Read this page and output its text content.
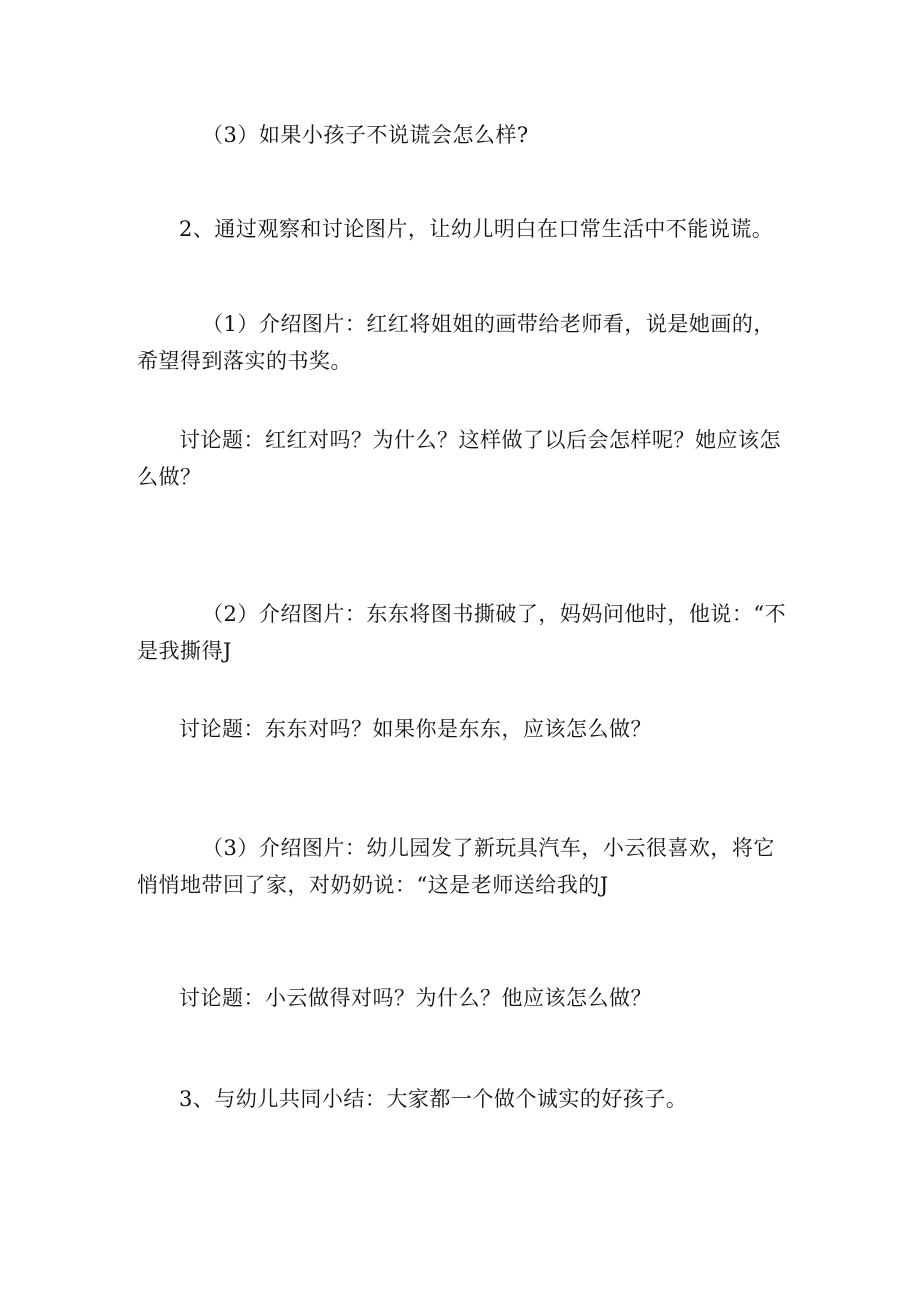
（3）如果小孩子不说谎会怎么样?

2、通过观察和讨论图片，让幼儿明白在口常生活中不能说谎。

（1）介绍图片：红红将姐姐的画带给老师看，说是她画的，希望得到落实的书奖。

讨论题：红红对吗？为什么？这样做了以后会怎样呢？她应该怎么做？

（2）介绍图片：东东将图书撕破了，妈妈问他时，他说：“不是我撕得J

讨论题：东东对吗？如果你是东东，应该怎么做？

（3）介绍图片：幼儿园发了新玩具汽车，小云很喜欢，将它悄悄地带回了家，对奶奶说：“这是老师送给我的J

讨论题：小云做得对吗？为什么？他应该怎么做？

3、与幼儿共同小结：大家都一个做个诚实的好孩子。
